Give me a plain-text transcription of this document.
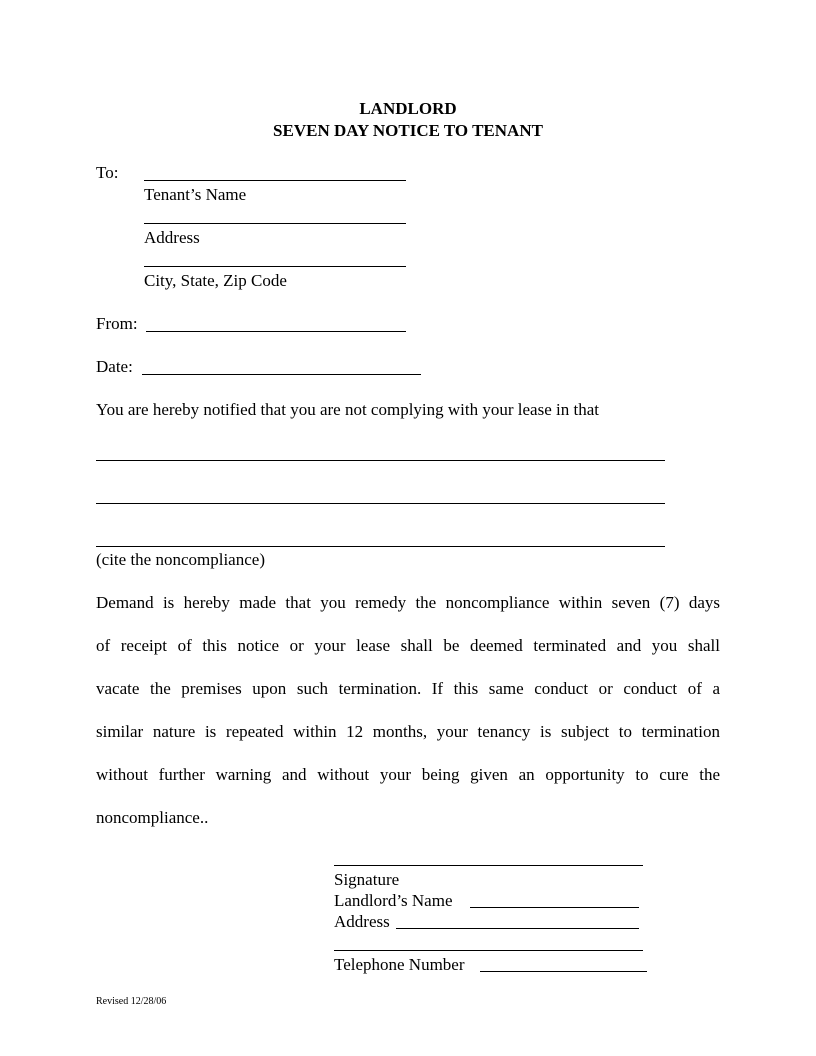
LANDLORD
SEVEN DAY NOTICE TO TENANT
To:
Tenant’s Name
Address
City, State, Zip Code
From:
Date:
You are hereby notified that you are not complying with your lease in that
(cite the noncompliance)
Demand is hereby made that you remedy the noncompliance within seven (7) days
of receipt of this notice or your lease shall be deemed terminated and you shall
vacate the premises upon such termination. If this same conduct or conduct of a
similar nature is repeated within 12 months, your tenancy is subject to termination
without further warning and without your being given an opportunity to cure the
noncompliance..
Signature
Landlord’s Name
Address
Telephone Number
Revised 12/28/06
